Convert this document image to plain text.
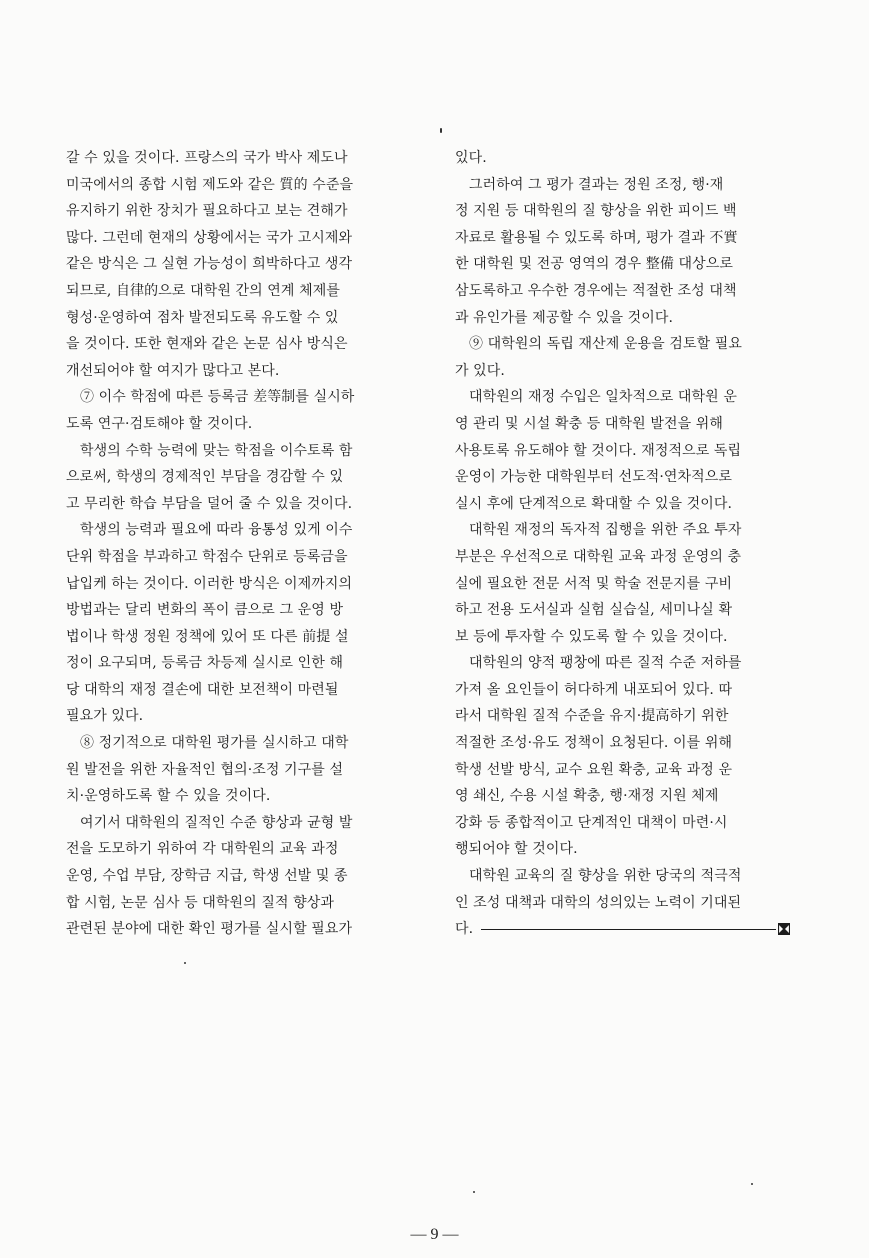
갈 수 있을 것이다. 프랑스의 국가 박사 제도나
미국에서의 종합 시험 제도와 같은 質的 수준을
유지하기 위한 장치가 필요하다고 보는 견해가
많다. 그런데 현재의 상황에서는 국가 고시제와
같은 방식은 그 실현 가능성이 희박하다고 생각
되므로, 自律的으로 대학원 간의 연계 체제를
형성·운영하여 점차 발전되도록 유도할 수 있
을 것이다. 또한 현재와 같은 논문 심사 방식은
개선되어야 할 여지가 많다고 본다.
⑦ 이수 학점에 따른 등록금 差等制를 실시하
도록 연구·검토해야 할 것이다.
학생의 수학 능력에 맞는 학점을 이수토록 함
으로써, 학생의 경제적인 부담을 경감할 수 있
고 무리한 학습 부담을 덜어 줄 수 있을 것이다.
학생의 능력과 필요에 따라 융통성 있게 이수
단위 학점을 부과하고 학점수 단위로 등록금을
납입케 하는 것이다. 이러한 방식은 이제까지의
방법과는 달리 변화의 폭이 큼으로 그 운영 방
법이나 학생 정원 정책에 있어 또 다른 前提 설
정이 요구되며, 등록금 차등제 실시로 인한 해
당 대학의 재정 결손에 대한 보전책이 마련될
필요가 있다.
⑧ 정기적으로 대학원 평가를 실시하고 대학
원 발전을 위한 자율적인 협의·조정 기구를 설
치·운영하도록 할 수 있을 것이다.
여기서 대학원의 질적인 수준 향상과 균형 발
전을 도모하기 위하여 각 대학원의 교육 과정
운영, 수업 부담, 장학금 지급, 학생 선발 및 종
합 시험, 논문 심사 등 대학원의 질적 향상과
관련된 분야에 대한 확인 평가를 실시할 필요가
있다.
그러하여 그 평가 결과는 정원 조정, 행·재
정 지원 등 대학원의 질 향상을 위한 피이드 백
자료로 활용될 수 있도록 하며, 평가 결과 不實
한 대학원 및 전공 영역의 경우 整備 대상으로
삼도록하고 우수한 경우에는 적절한 조성 대책
과 유인가를 제공할 수 있을 것이다.
⑨ 대학원의 독립 재산제 운용을 검토할 필요
가 있다.
대학원의 재정 수입은 일차적으로 대학원 운
영 관리 및 시설 확충 등 대학원 발전을 위해
사용토록 유도해야 할 것이다. 재정적으로 독립
운영이 가능한 대학원부터 선도적·연차적으로
실시 후에 단계적으로 확대할 수 있을 것이다.
대학원 재정의 독자적 집행을 위한 주요 투자
부분은 우선적으로 대학원 교육 과정 운영의 충
실에 필요한 전문 서적 및 학술 전문지를 구비
하고 전용 도서실과 실험 실습실, 세미나실 확
보 등에 투자할 수 있도록 할 수 있을 것이다.
대학원의 양적 팽창에 따른 질적 수준 저하를
가져 올 요인들이 허다하게 내포되어 있다. 따
라서 대학원 질적 수준을 유지·提高하기 위한
적절한 조성·유도 정책이 요청된다. 이를 위해
학생 선발 방식, 교수 요원 확충, 교육 과정 운
영 쇄신, 수용 시설 확충, 행·재정 지원 체제
강화 등 종합적이고 단계적인 대책이 마련·시
행되어야 할 것이다.
대학원 교육의 질 향상을 위한 당국의 적극적
인 조성 대책과 대학의 성의있는 노력이 기대된
다.
— 9 —
